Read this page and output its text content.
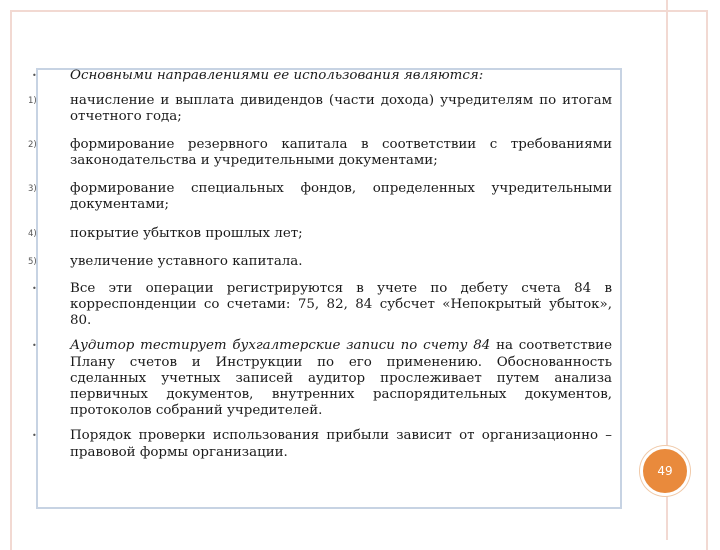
• Основными направлениями ее использования являются:
1) начисление и выплата дивидендов (части дохода) учредителям по итогам отчетного года;
2) формирование резервного капитала в соответствии с требованиями законодательства и учредительными документами;
3) формирование специальных фондов, определенных учредительными документами;
4) покрытие убытков прошлых лет;
5) увеличение уставного капитала.
• Все эти операции регистрируются в учете по дебету счета 84 в корреспонденции со счетами: 75, 82, 84 субсчет «Непокрытый убыток», 80.
• Аудитор тестирует бухгалтерские записи по счету 84 на соответствие Плану счетов и Инструкции по его применению. Обоснованность сделанных учетных записей аудитор прослеживает путем анализа первичных документов, внутренних распорядительных документов, протоколов собраний учредителей.
• Порядок проверки использования прибыли зависит от организационно – правовой формы организации.
49
